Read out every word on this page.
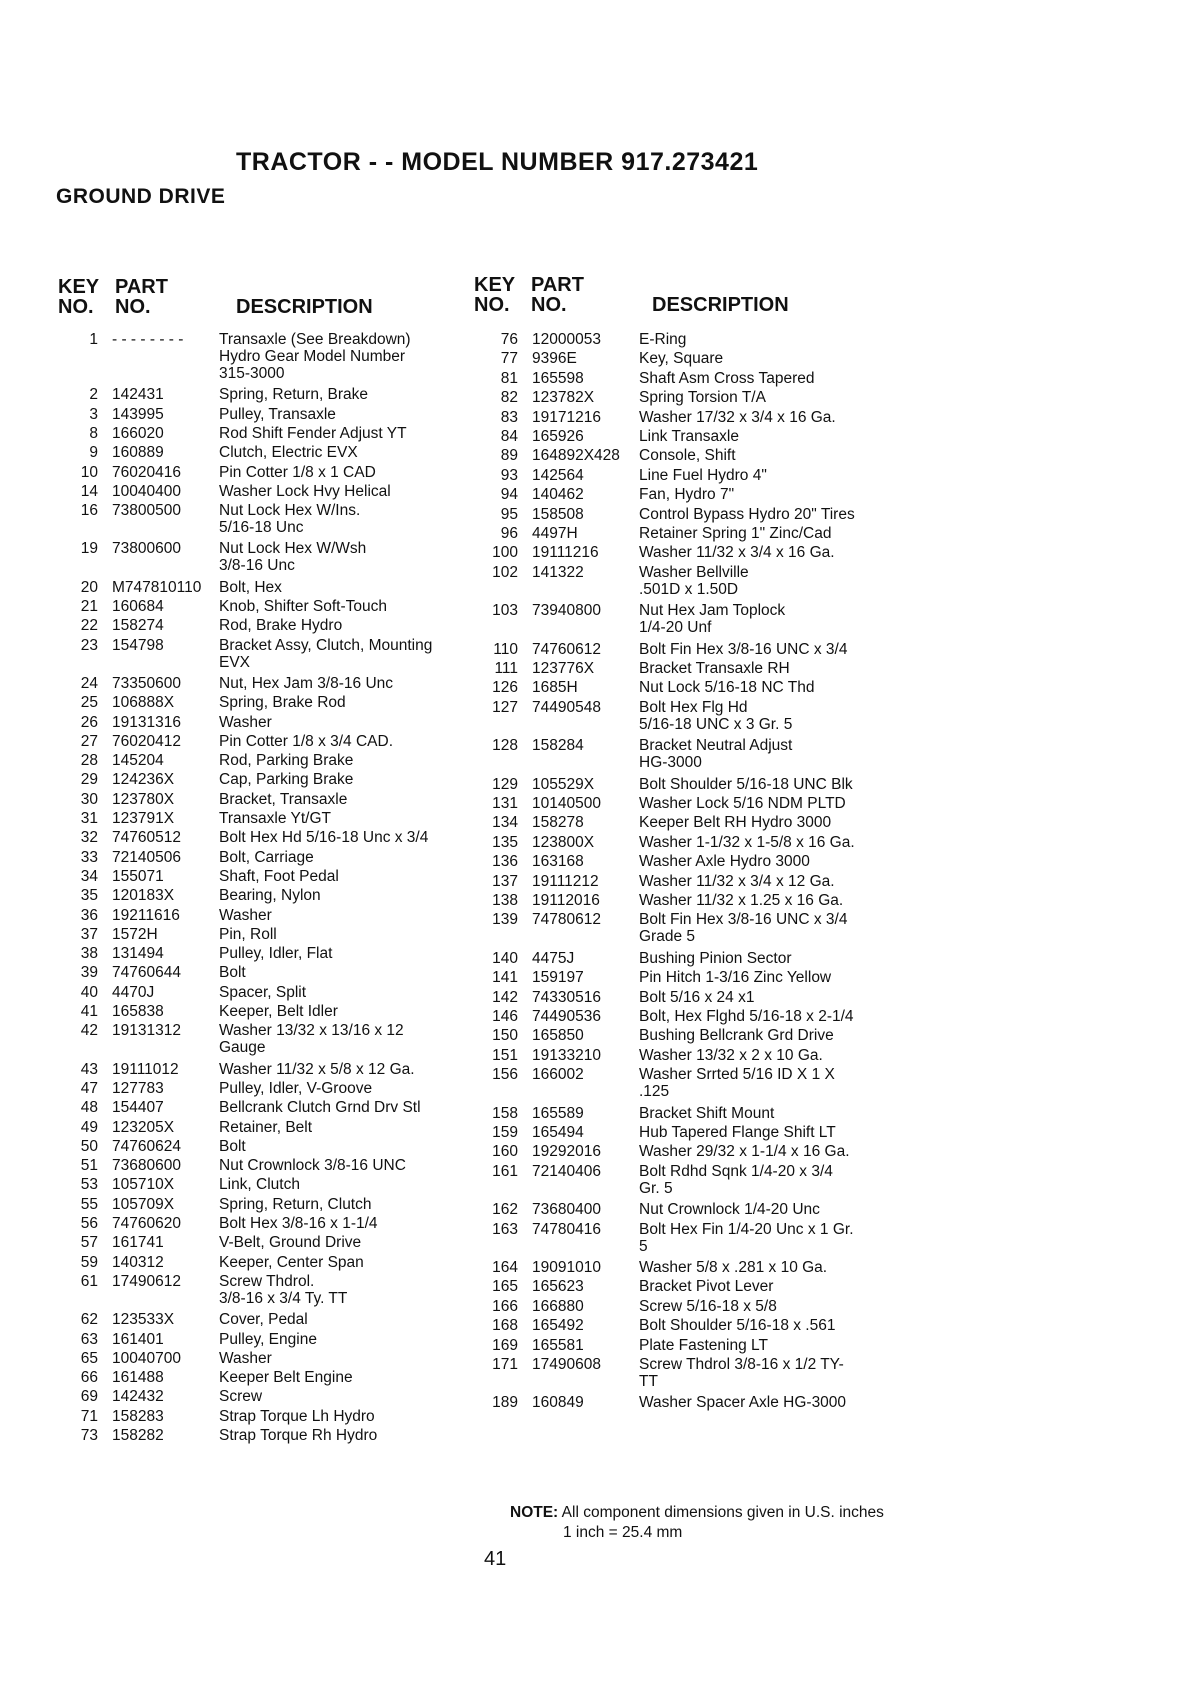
TRACTOR - - MODEL NUMBER 917.273421
GROUND DRIVE
KEY PART
NO. NO.	DESCRIPTION
KEY PART
NO. NO.	DESCRIPTION
1 - - - - - - - - Transaxle (See Breakdown)
Hydro Gear Model Number
315-3000
2 142431	Spring, Return, Brake
3 143995	Pulley, Transaxle
8 166020	Rod Shift Fender Adjust YT
9 160889	Clutch, Electric EVX
10 76020416 Pin Cotter 1/8 x 1 CAD
14 10040400 Washer Lock Hvy Helical
16 73800500 Nut Lock Hex W/Ins.
5/16-18 Unc
19 73800600 Nut Lock Hex W/Wsh
3/8-16 Unc
20 M747810110 Bolt, Hex
21 160684	Knob, Shifter Soft-Touch
22 158274	Rod, Brake Hydro
23 154798	Bracket Assy, Clutch, Mounting
EVX
24 73350600 Nut, Hex Jam 3/8-16 Unc
25 106888X	Spring, Brake Rod
26 19131316 Washer
27 76020412 Pin Cotter 1/8 x 3/4 CAD.
28 145204	Rod, Parking Brake
29 124236X	Cap, Parking Brake
30 123780X	Bracket, Transaxle
31 123791X	Transaxle Yt/GT
32 74760512 Bolt Hex Hd 5/16-18 Unc x 3/4
33 72140506 Bolt, Carriage
34 155071	Shaft, Foot Pedal
35 120183X	Bearing, Nylon
36 19211616	Washer
37 1572H	Pin, Roll
38 131494	Pulley, Idler, Flat
39 74760644 Bolt
40 4470J	Spacer, Split
41 165838	Keeper, Belt Idler
42 19131312 Washer 13/32 x 13/16 x 12
Gauge
43 19111012	Washer 11/32 x 5/8 x 12 Ga.
47 127783	Pulley, Idler, V-Groove
48 154407	Bellcrank Clutch Grnd Drv Stl
49 123205X	Retainer, Belt
50 74760624 Bolt
51 73680600 Nut Crownlock 3/8-16 UNC
53 105710X	Link, Clutch
55 105709X	Spring, Return, Clutch
56 74760620 Bolt Hex 3/8-16 x 1-1/4
57 161741	V-Belt, Ground Drive
59 140312	Keeper, Center Span
61 17490612 Screw Thdrol.
3/8-16 x 3/4 Ty. TT
62 123533X	Cover, Pedal
63 161401	Pulley, Engine
65 10040700 Washer
66 161488	Keeper Belt Engine
69 142432	Screw
71 158283	Strap Torque Lh Hydro
73 158282	Strap Torque Rh Hydro
76 12000053 E-Ring
77 9396E	Key, Square
81 165598	Shaft Asm Cross Tapered
82 123782X	Spring Torsion T/A
83 19171216 Washer 17/32 x 3/4 x 16 Ga.
84 165926	Link Transaxle
89 164892X428 Console, Shift
93 142564	Line Fuel Hydro 4"
94 140462	Fan, Hydro 7"
95 158508	Control Bypass Hydro 20" Tires
96 4497H	Retainer Spring 1" Zinc/Cad
100 19111216	Washer 11/32 x 3/4 x 16 Ga.
102 141322	Washer Bellville
.501D x 1.50D
103 73940800 Nut Hex Jam Toplock
1/4-20 Unf
110 74760612 Bolt Fin Hex 3/8-16 UNC x 3/4
111 123776X	Bracket Transaxle RH
126 1685H	Nut Lock 5/16-18 NC Thd
127 74490548 Bolt Hex Flg Hd
5/16-18 UNC x 3 Gr. 5
128 158284	Bracket Neutral Adjust
HG-3000
129 105529X	Bolt Shoulder 5/16-18 UNC Blk
131 10140500 Washer Lock 5/16 NDM PLTD
134 158278	Keeper Belt RH Hydro 3000
135 123800X	Washer 1-1/32 x 1-5/8 x 16 Ga.
136 163168	Washer Axle Hydro 3000
137 19111212	Washer 11/32 x 3/4 x 12 Ga.
138 19112016	Washer 11/32 x 1.25 x 16 Ga.
139 74780612 Bolt Fin Hex 3/8-16 UNC x 3/4
Grade 5
140 4475J	Bushing Pinion Sector
141 159197	Pin Hitch 1-3/16 Zinc Yellow
142 74330516 Bolt 5/16 x 24 x1
146 74490536 Bolt, Hex Flghd 5/16-18 x 2-1/4
150 165850	Bushing Bellcrank Grd Drive
151 19133210 Washer 13/32 x 2 x 10 Ga.
156 166002	Washer Srrted 5/16 ID X 1 X
.125
158 165589	Bracket Shift Mount
159 165494	Hub Tapered Flange Shift LT
160 19292016 Washer 29/32 x 1-1/4 x 16 Ga.
161 72140406 Bolt Rdhd Sqnk 1/4-20 x 3/4
Gr. 5
162 73680400 Nut Crownlock 1/4-20 Unc
163 74780416 Bolt Hex Fin 1/4-20 Unc x 1 Gr.
5
164 19091010 Washer 5/8 x .281 x 10 Ga.
165 165623	Bracket Pivot Lever
166 166880	Screw 5/16-18 x 5/8
168 165492	Bolt Shoulder 5/16-18 x .561
169 165581	Plate Fastening LT
171 17490608 Screw Thdrol 3/8-16 x 1/2 TY-
TT
189 160849	Washer Spacer Axle HG-3000
NOTE: All component dimensions given in U.S. inches
1 inch = 25.4 mm
41
